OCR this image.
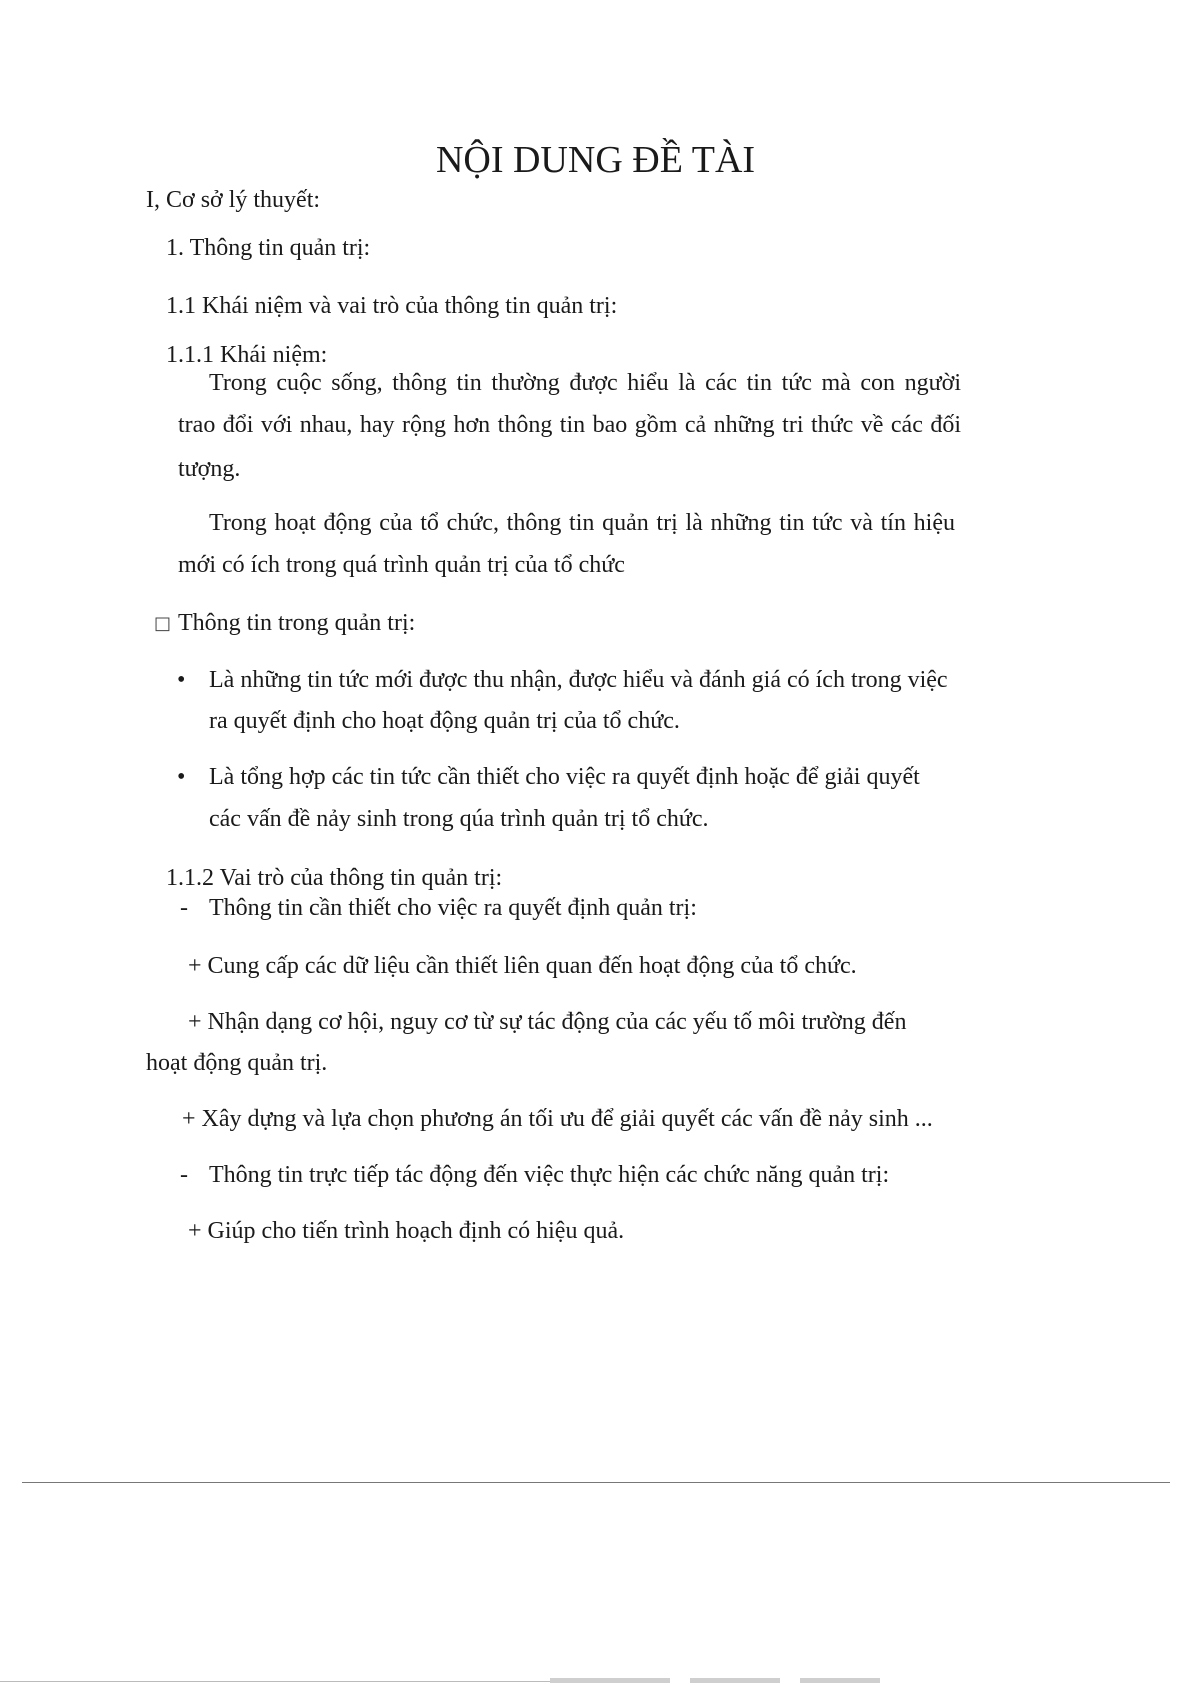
NỘI DUNG ĐỀ TÀI

I, Cơ sở lý thuyết:

1. Thông tin quản trị:

1.1 Khái niệm và vai trò của thông tin quản trị:

1.1.1 Khái niệm:

Trong cuộc sống, thông tin thường được hiểu là các tin tức mà con người

trao đổi với nhau, hay rộng hơn thông tin bao gồm cả những tri thức về các đối

tượng.

Trong hoạt động của tổ chức, thông tin quản trị là những tin tức và tín hiệu

mới có ích trong quá trình quản trị của tổ chức

□ Thông tin trong quản trị:

• Là những tin tức mới được thu nhận, được hiểu và đánh giá có ích trong việc

ra quyết định cho hoạt động quản trị của tổ chức.

• Là tổng hợp các tin tức cần thiết cho việc ra quyết định hoặc để giải quyết

các vấn đề nảy sinh trong qúa trình quản trị tổ chức.

1.1.2 Vai trò của thông tin quản trị:

- Thông tin cần thiết cho việc ra quyết định quản trị:

+ Cung cấp các dữ liệu cần thiết liên quan đến hoạt động của tổ chức.

+ Nhận dạng cơ hội, nguy cơ từ sự tác động của các yếu tố môi trường đến

hoạt động quản trị.

+ Xây dựng và lựa chọn phương án tối ưu để giải quyết các vấn đề nảy sinh ...

- Thông tin trực tiếp tác động đến việc thực hiện các chức năng quản trị:

+ Giúp cho tiến trình hoạch định có hiệu quả.
